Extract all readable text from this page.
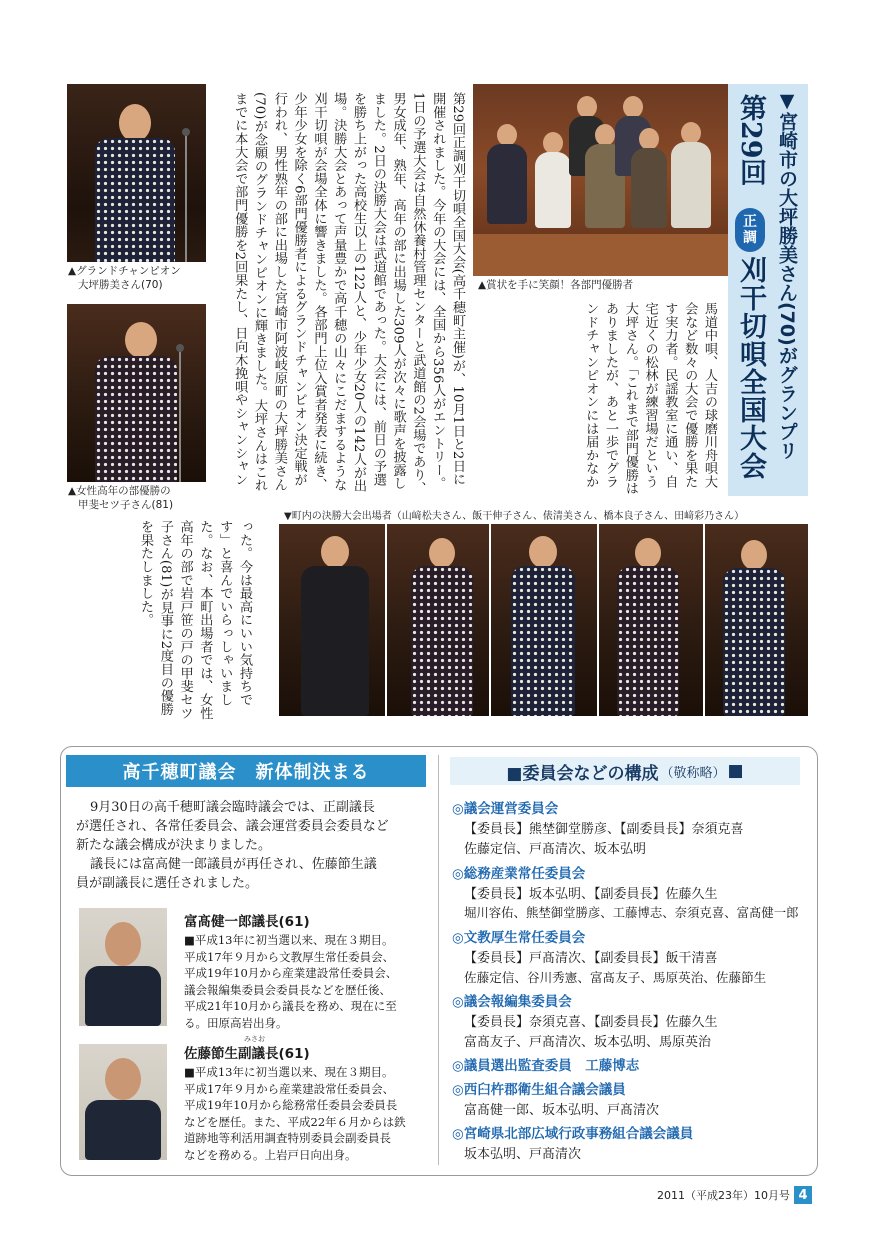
▲グランドチャンピオン
大坪勝美さん(70)
▲女性高年の部優勝の
甲斐セツ子さん(81)
▲賞状を手に笑顔！各部門優勝者	▼宮崎市の大坪勝美さん(70)がグランプリ
第29回
正
調
刈干切唄全国大会

馬道中唄、人吉の球磨川舟唄大会など数々の大会で優勝を果たす実力者。民謡教室に通い、自宅近くの松林が練習場だという大坪さん。「これまで部門優勝はありましたが、あと一歩でグランドチャンピオンには届かなか

第29回正調刈干切唄全国大会(高千穂町主催)が、10月1日と2日に開催されました。今年の大会には、全国から356人がエントリー。1日の予選大会は自然休養村管理センターと武道館の2会場であり、男女成年、熟年、高年の部に出場した309人が次々に歌声を披露しました。2日の決勝大会は武道館であった。大会には、前日の予選を勝ち上がった高校生以上の122人と、少年少女20人の142人が出場。決勝大会とあって声量豊かで高千穂の山々にこだまするような刈干切唄が会場全体に響きました。各部門上位入賞者発表に続き、少年少女を除く6部門優勝者によるグランドチャンピオン決定戦が行われ、男性熟年の部に出場した宮崎市阿波岐原町の大坪勝美さん(70)が念願のグランドチャンピオンに輝きました。大坪さんはこれまでに本大会で部門優勝を2回果たし、日向木挽唄やシャンシャン

った。今は最高にいい気持ちです」と喜んでいらっしゃいました。なお、本町出場者では、女性高年の部で岩戸笹の戸の甲斐セツ子さん(81)が見事に2度目の優勝を果たしました。

▼町内の決勝大会出場者（山﨑松夫さん、飯干伸子さん、俵清美さん、橋本良子さん、田﨑彩乃さん）
高千穂町議会　新体制決まる
9月30日の高千穂町議会臨時議会では、正副議長
が選任され、各常任委員会、議会運営委員会委員など
新たな議会構成が決まりました。
議長には富高健一郎議員が再任され、佐藤節生議
員が副議長に選任されました。
富髙健一郎議長(61)
■平成13年に初当選以来、現在３期目。
平成17年９月から文教厚生常任委員会、
平成19年10月から産業建設常任委員会、
議会報編集委員会委員長などを歴任後、
平成21年10月から議長を務め、現在に至
る。田原高岩出身。
みさお
佐藤節生副議長(61)
■平成13年に初当選以来、現在３期目。
平成17年９月から産業建設常任委員会、
平成19年10月から総務常任委員会委員長
などを歴任。また、平成22年６月からは鉄
道跡地等利活用調査特別委員会副委員長
などを務める。上岩戸日向出身。
■委員会などの構成 （敬称略） ■
◎議会運営委員会
【委員長】熊埜御堂勝彦、【副委員長】奈須克喜
佐藤定信、戸髙清次、坂本弘明
◎総務産業常任委員会
【委員長】坂本弘明、【副委員長】佐藤久生
堀川容佑、熊埜御堂勝彦、工藤博志、奈須克喜、富髙健一郎
◎文教厚生常任委員会
【委員長】戸髙清次、【副委員長】飯干清喜
佐藤定信、谷川秀憲、富髙友子、馬原英治、佐藤節生
◎議会報編集委員会
【委員長】奈須克喜、【副委員長】佐藤久生
富髙友子、戸髙清次、坂本弘明、馬原英治
◎議員選出監査委員　工藤博志
◎西臼杵郡衛生組合議会議員
富髙健一郎、坂本弘明、戸髙清次
◎宮崎県北部広域行政事務組合議会議員
坂本弘明、戸髙清次
2011（平成23年）10月号 4
